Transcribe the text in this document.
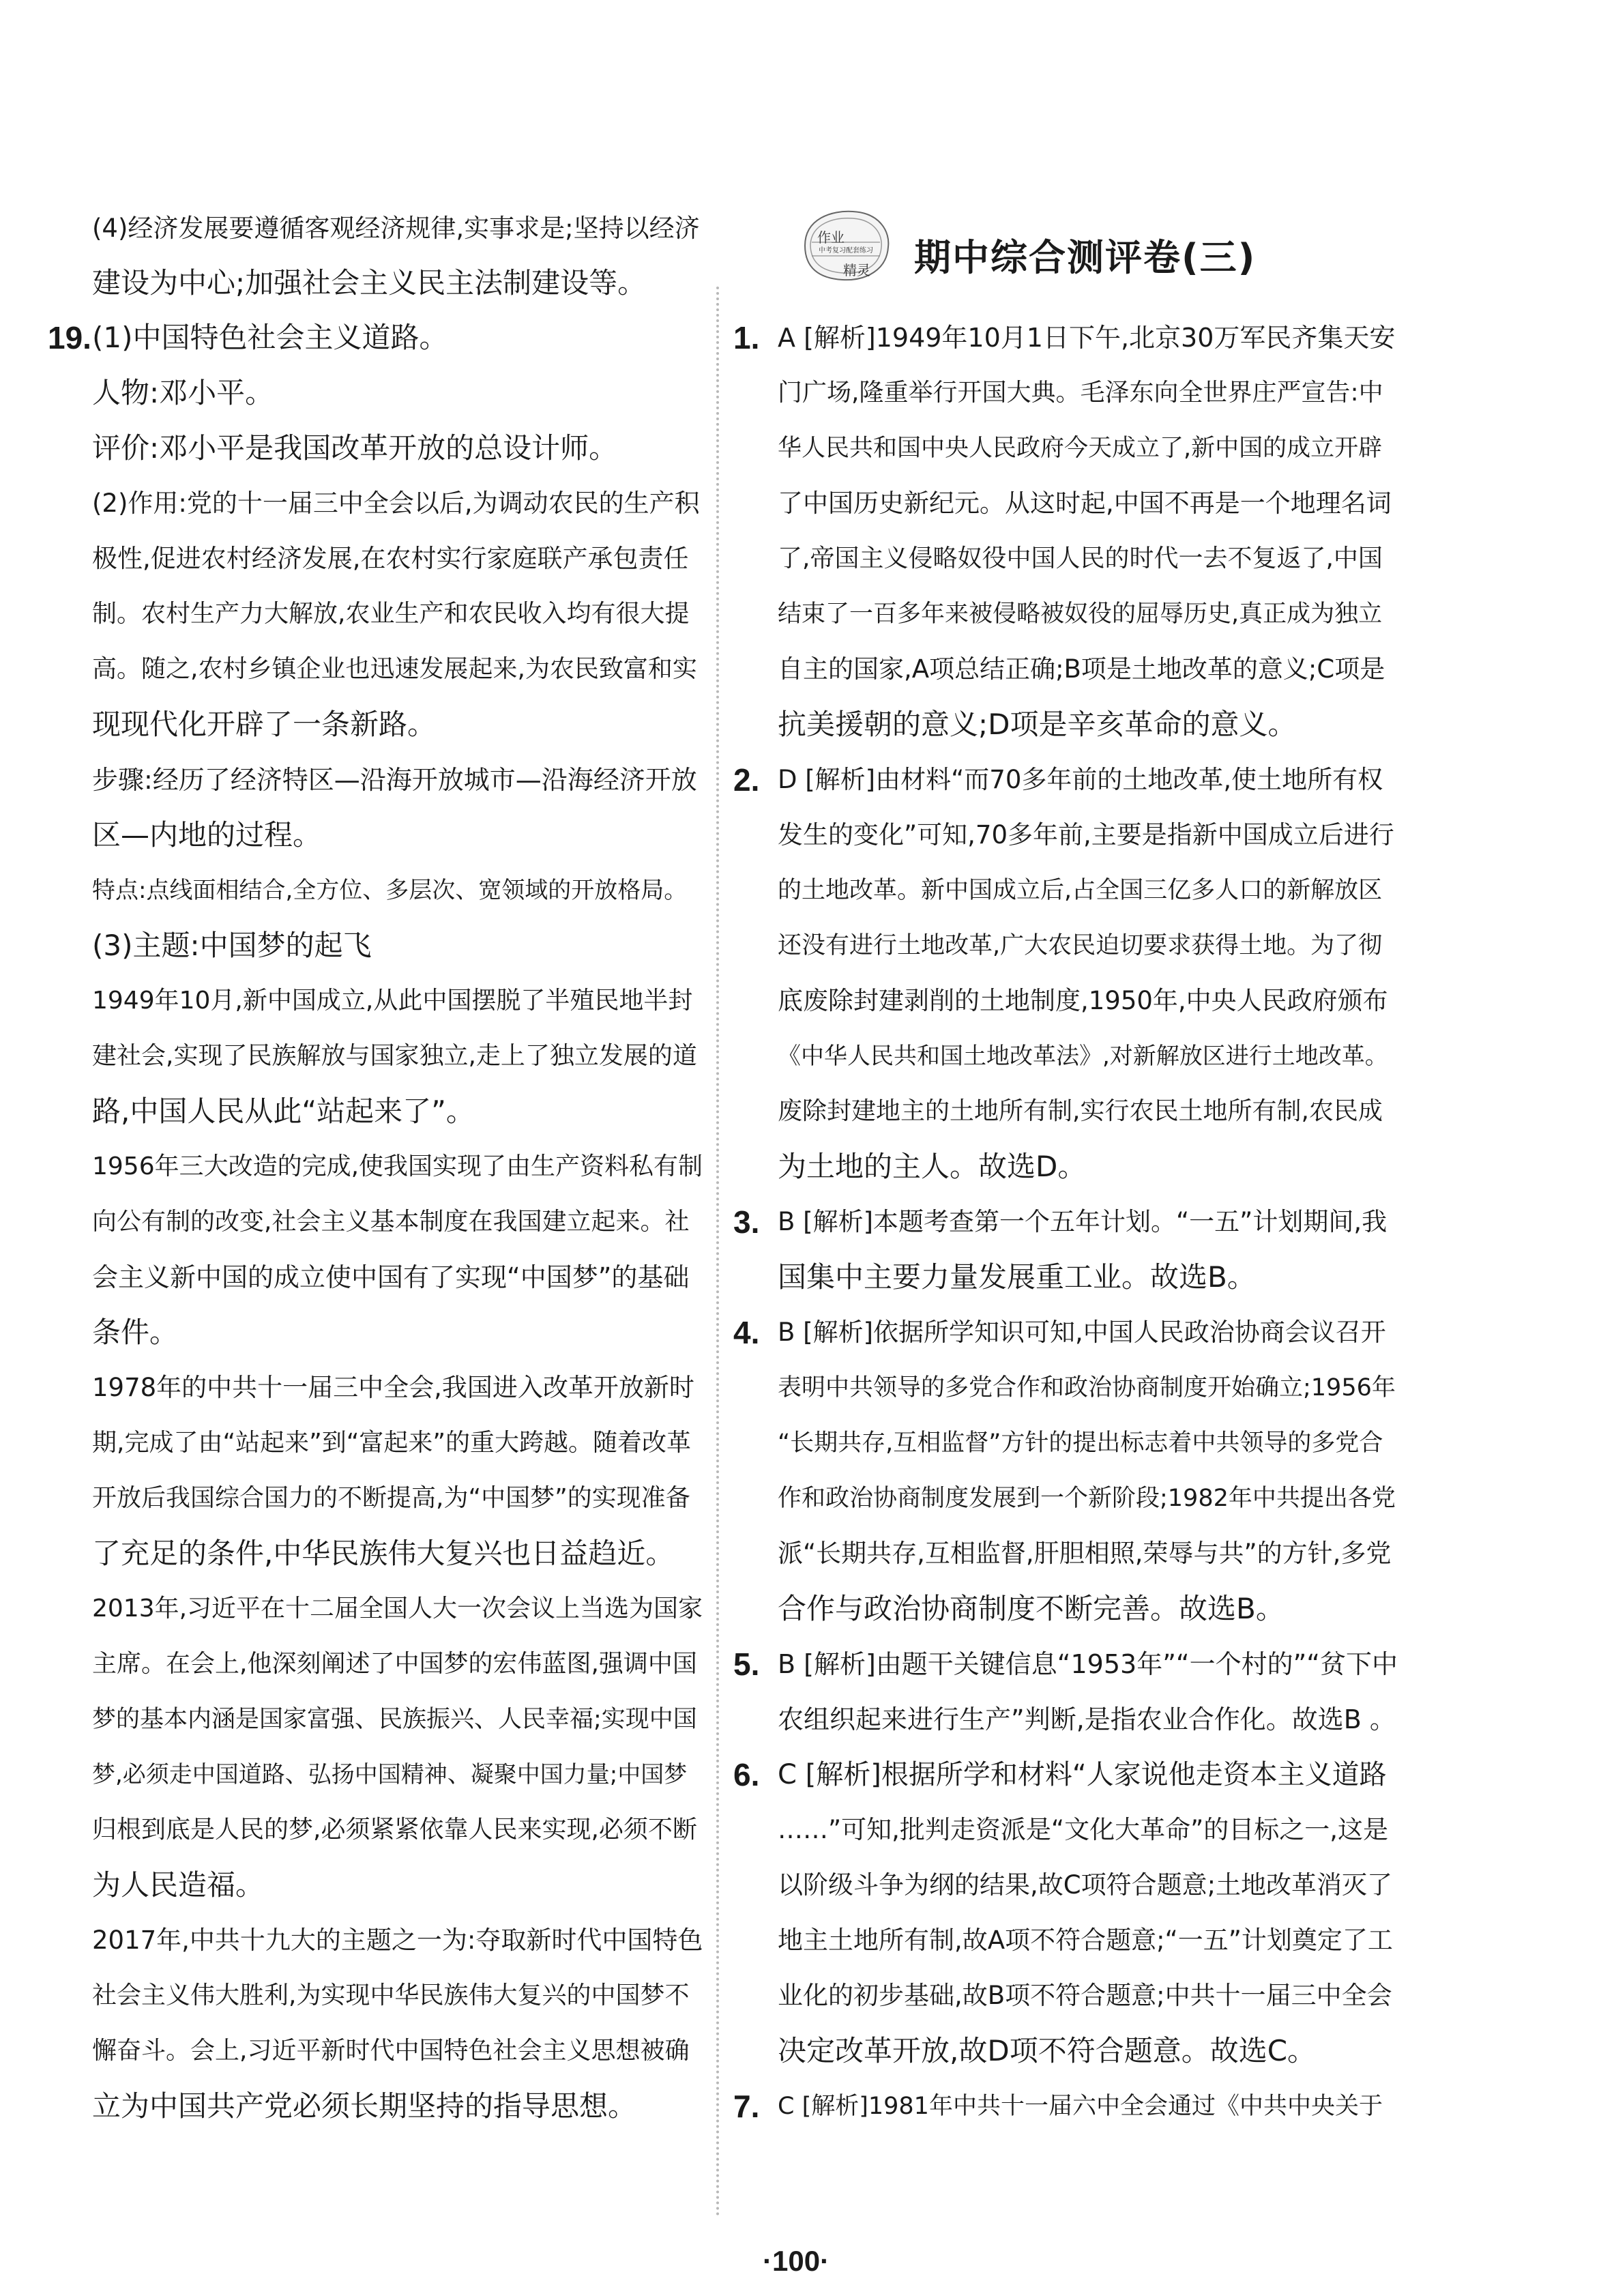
作业
中考复习配套练习
精灵 期中综合测评卷(三)
(4)经济发展要遵循客观经济规律,实事求是;坚持以经济
建设为中心;加强社会主义民主法制建设等。
19. (1)中国特色社会主义道路。
人物:邓小平。
评价:邓小平是我国改革开放的总设计师。
(2)作用:党的十一届三中全会以后,为调动农民的生产积
极性,促进农村经济发展,在农村实行家庭联产承包责任
制。农村生产力大解放,农业生产和农民收入均有很大提
高。随之,农村乡镇企业也迅速发展起来,为农民致富和实
现现代化开辟了一条新路。
步骤:经历了经济特区—沿海开放城市—沿海经济开放
区—内地的过程。
特点:点线面相结合,全方位、多层次、宽领域的开放格局。
(3)主题:中国梦的起飞
1949年10月,新中国成立,从此中国摆脱了半殖民地半封
建社会,实现了民族解放与国家独立,走上了独立发展的道
路,中国人民从此“站起来了”。
1956年三大改造的完成,使我国实现了由生产资料私有制
向公有制的改变,社会主义基本制度在我国建立起来。社
会主义新中国的成立使中国有了实现“中国梦”的基础
条件。
1978年的中共十一届三中全会,我国进入改革开放新时
期,完成了由“站起来”到“富起来”的重大跨越。随着改革
开放后我国综合国力的不断提高,为“中国梦”的实现准备
了充足的条件,中华民族伟大复兴也日益趋近。
2013年,习近平在十二届全国人大一次会议上当选为国家
主席。在会上,他深刻阐述了中国梦的宏伟蓝图,强调中国
梦的基本内涵是国家富强、民族振兴、人民幸福;实现中国
梦,必须走中国道路、弘扬中国精神、凝聚中国力量;中国梦
归根到底是人民的梦,必须紧紧依靠人民来实现,必须不断
为人民造福。
2017年,中共十九大的主题之一为:夺取新时代中国特色
社会主义伟大胜利,为实现中华民族伟大复兴的中国梦不
懈奋斗。会上,习近平新时代中国特色社会主义思想被确
立为中国共产党必须长期坚持的指导思想。
1. A [解析]1949年10月1日下午,北京30万军民齐集天安
门广场,隆重举行开国大典。毛泽东向全世界庄严宣告:中
华人民共和国中央人民政府今天成立了,新中国的成立开辟
了中国历史新纪元。从这时起,中国不再是一个地理名词
了,帝国主义侵略奴役中国人民的时代一去不复返了,中国
结束了一百多年来被侵略被奴役的屈辱历史,真正成为独立
自主的国家,A项总结正确;B项是土地改革的意义;C项是
抗美援朝的意义;D项是辛亥革命的意义。
2. D [解析]由材料“而70多年前的土地改革,使土地所有权
发生的变化”可知,70多年前,主要是指新中国成立后进行
的土地改革。新中国成立后,占全国三亿多人口的新解放区
还没有进行土地改革,广大农民迫切要求获得土地。为了彻
底废除封建剥削的土地制度,1950年,中央人民政府颁布
《中华人民共和国土地改革法》,对新解放区进行土地改革。
废除封建地主的土地所有制,实行农民土地所有制,农民成
为土地的主人。故选D。
3. B [解析]本题考查第一个五年计划。“一五”计划期间,我
国集中主要力量发展重工业。故选B。
4. B [解析]依据所学知识可知,中国人民政治协商会议召开
表明中共领导的多党合作和政治协商制度开始确立;1956年
“长期共存,互相监督”方针的提出标志着中共领导的多党合
作和政治协商制度发展到一个新阶段;1982年中共提出各党
派“长期共存,互相监督,肝胆相照,荣辱与共”的方针,多党
合作与政治协商制度不断完善。故选B。
5. B [解析]由题干关键信息“1953年”“一个村的”“贫下中
农组织起来进行生产”判断,是指农业合作化。故选B 。
6. C [解析]根据所学和材料“人家说他走资本主义道路
……”可知,批判走资派是“文化大革命”的目标之一,这是
以阶级斗争为纲的结果,故C项符合题意;土地改革消灭了
地主土地所有制,故A项不符合题意;“一五”计划奠定了工
业化的初步基础,故B项不符合题意;中共十一届三中全会
决定改革开放,故D项不符合题意。故选C。
7. C [解析]1981年中共十一届六中全会通过《中共中央关于
·100·
